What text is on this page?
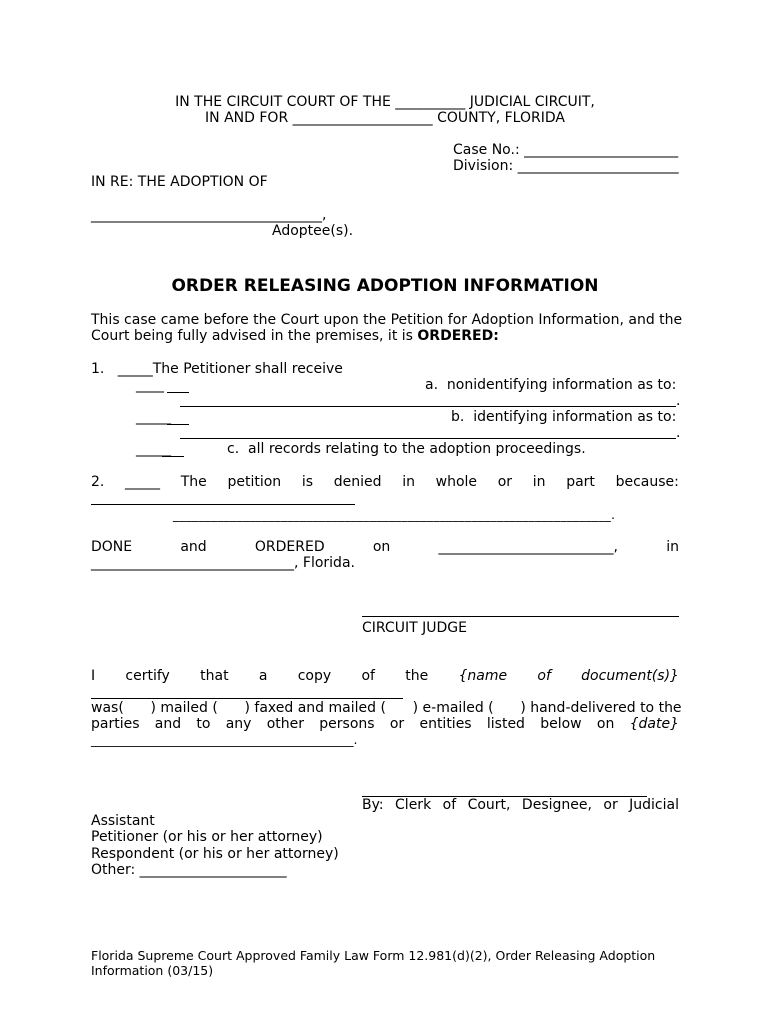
IN THE CIRCUIT COURT OF THE __________ JUDICIAL CIRCUIT,
IN AND FOR ____________________ COUNTY, FLORIDA
Case No.: ______________________
Division: _______________________
IN RE: THE ADOPTION OF
_________________________________,
Adoptee(s).
ORDER RELEASING ADOPTION INFORMATION
This case came before the Court upon the Petition for Adoption Information, and the
Court being fully advised in the premises, it is ORDERED:
1.   _____The Petitioner shall receive
____	a.  nonidentifying information as to:
.
_____	b.  identifying information as to:
.
_____	c.  all records relating to the adoption proceedings.
2. _____ The petition is denied in whole or in part because:
_____________________________________________________________________.
DONE	and	ORDERED	on	_________________________,	in
_____________________________, Florida.
CIRCUIT JUDGE
I certify that a copy of the {name of document(s)}
was(      ) mailed (      ) faxed and mailed (      ) e-mailed (      ) hand-delivered to the
parties and to any other persons or entities listed below on {date}
__________________________________________.
By: Clerk of Court, Designee, or Judicial
Assistant
Petitioner (or his or her attorney)
Respondent (or his or her attorney)
Other: _____________________
Florida Supreme Court Approved Family Law Form 12.981(d)(2), Order Releasing Adoption
Information (03/15)
